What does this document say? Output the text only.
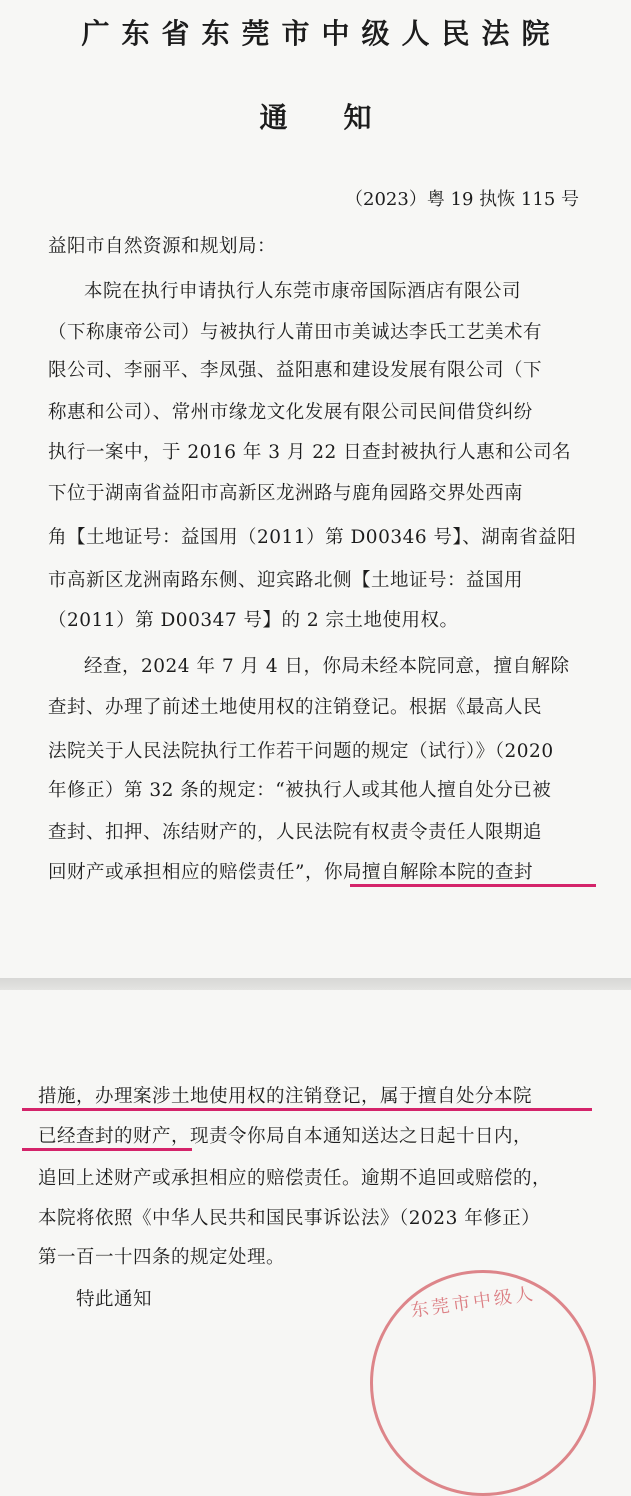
广东省东莞市中级人民法院
通知
（2023）粤 19 执恢 115 号
益阳市自然资源和规划局：
本院在执行申请执行人东莞市康帝国际酒店有限公司
（下称康帝公司）与被执行人莆田市美诚达李氏工艺美术有
限公司、李丽平、李凤强、益阳惠和建设发展有限公司（下
称惠和公司）、常州市缘龙文化发展有限公司民间借贷纠纷
执行一案中，于 2016 年 3 月 22 日查封被执行人惠和公司名
下位于湖南省益阳市高新区龙洲路与鹿角园路交界处西南
角【土地证号：益国用（2011）第 D00346 号】、湖南省益阳
市高新区龙洲南路东侧、迎宾路北侧【土地证号：益国用
（2011）第 D00347 号】的 2 宗土地使用权。
经查，2024 年 7 月 4 日，你局未经本院同意，擅自解除
查封、办理了前述土地使用权的注销登记。根据《最高人民
法院关于人民法院执行工作若干问题的规定（试行）》（2020
年修正）第 32 条的规定：“被执行人或其他人擅自处分已被
查封、扣押、冻结财产的，人民法院有权责令责任人限期追
回财产或承担相应的赔偿责任”，你局擅自解除本院的查封
措施，办理案涉土地使用权的注销登记，属于擅自处分本院
已经查封的财产，现责令你局自本通知送达之日起十日内，
追回上述财产或承担相应的赔偿责任。逾期不追回或赔偿的，
本院将依照《中华人民共和国民事诉讼法》（2023 年修正）
第一百一十四条的规定处理。
特此通知	东莞市中级人
